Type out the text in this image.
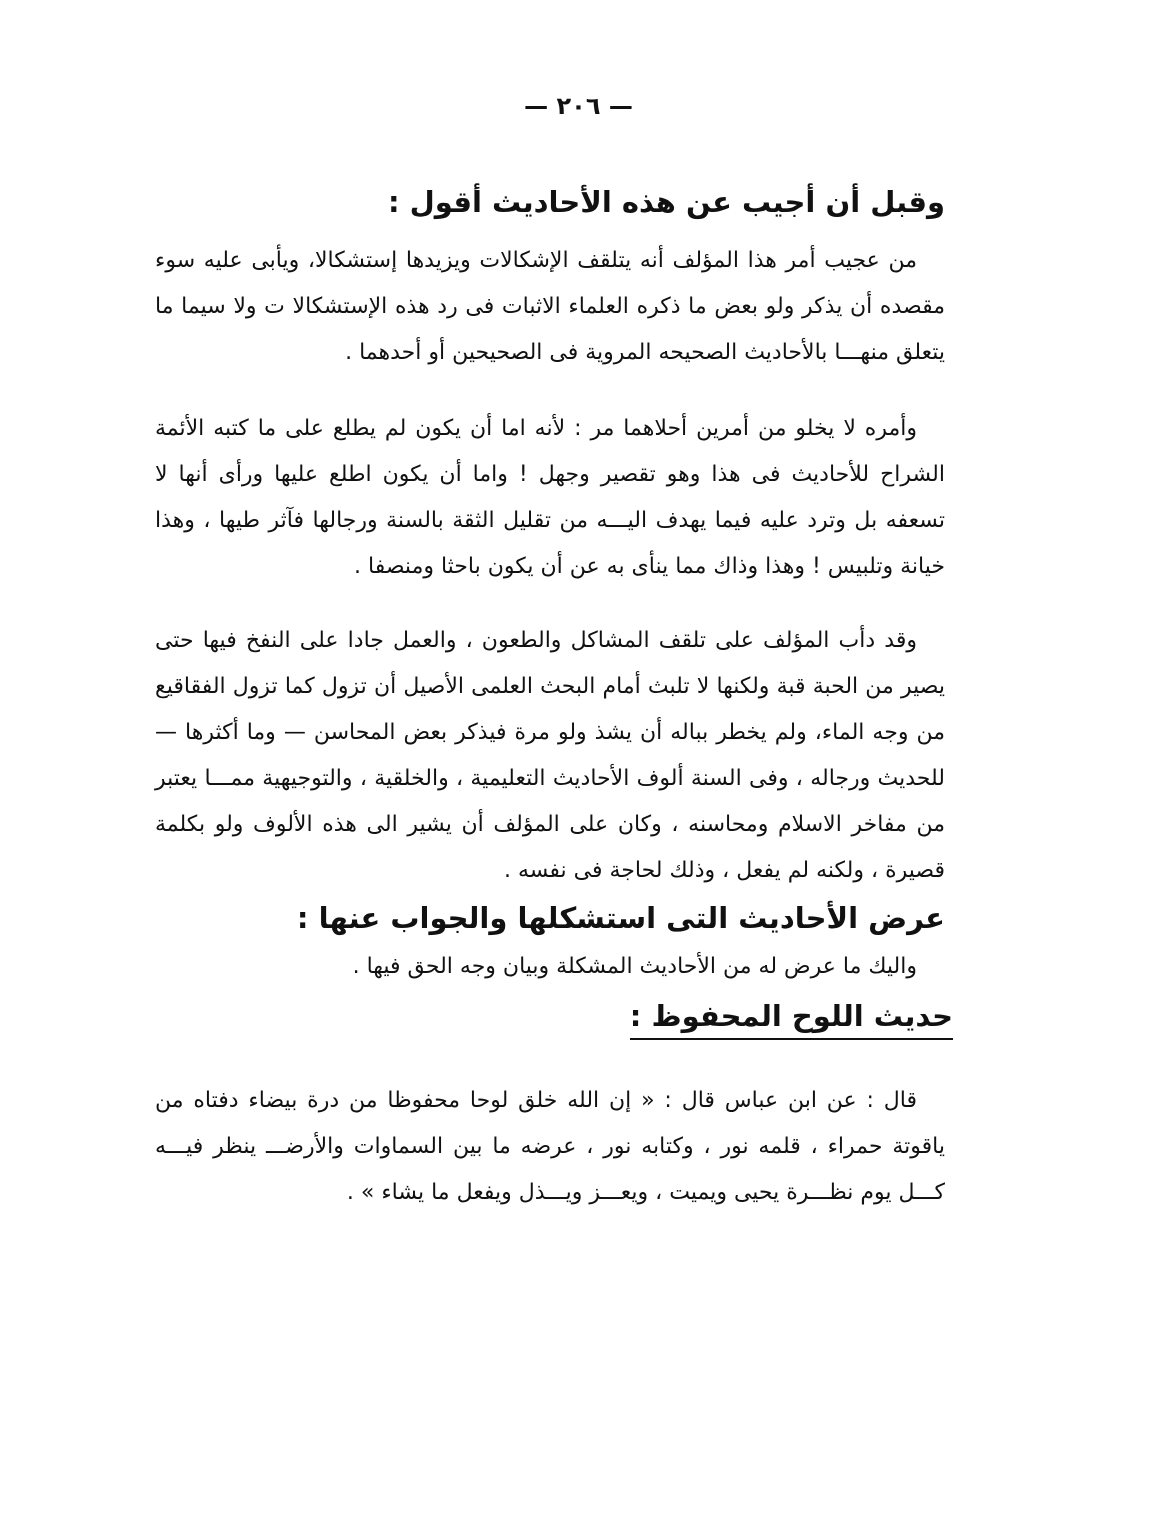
— ٢٠٦ —

وقبل أن أجيب عن هذه الأحاديث أقول :

من عجيب أمر هذا المؤلف أنه يتلقف الإشكالات ويزيدها إستشكالا، ويأبى عليه سوء مقصده أن يذكر ولو بعض ما ذكره العلماء الاثبات فى رد هذه الإستشكالا ت ولا سيما ما يتعلق منهـــا بالأحاديث الصحيحه المروية فى الصحيحين أو أحدهما .

وأمره لا يخلو من أمرين أحلاهما مر : لأنه اما أن يكون لم يطلع على ما كتبه الأئمة الشراح للأحاديث فى هذا وهو تقصير وجهل ! واما أن يكون اطلع عليها ورأى أنها لا تسعفه بل وترد عليه فيما يهدف اليـــه من تقليل الثقة بالسنة ورجالها فآثر طيها ، وهذا خيانة وتلبيس ! وهذا وذاك مما ينأى به عن أن يكون باحثا ومنصفا .

وقد دأب المؤلف على تلقف المشاكل والطعون ، والعمل جادا على النفخ فيها حتى يصير من الحبة قبة ولكنها لا تلبث أمام البحث العلمى الأصيل أن تزول كما تزول الفقاقيع من وجه الماء، ولم يخطر بباله أن يشذ ولو مرة فيذكر بعض المحاسن — وما أكثرها — للحديث ورجاله ، وفى السنة ألوف الأحاديث التعليمية ، والخلقية ، والتوجيهية ممـــا يعتبر من مفاخر الاسلام ومحاسنه ، وكان على المؤلف أن يشير الى هذه الألوف ولو بكلمة قصيرة ، ولكنه لم يفعل ، وذلك لحاجة فى نفسه .

عرض الأحاديث التى استشكلها والجواب عنها :

واليك ما عرض له من الأحاديث المشكلة وبيان وجه الحق فيها .

حديث اللوح المحفوظ :

قال : عن ابن عباس قال : « إن الله خلق لوحا محفوظا من درة بيضاء دفتاه من ياقوتة حمراء ، قلمه نور ، وكتابه نور ، عرضه ما بين السماوات والأرضـــ ينظر فيـــه كـــل يوم نظـــرة يحيى ويميت ، ويعـــز ويـــذل ويفعل ما يشاء » .
